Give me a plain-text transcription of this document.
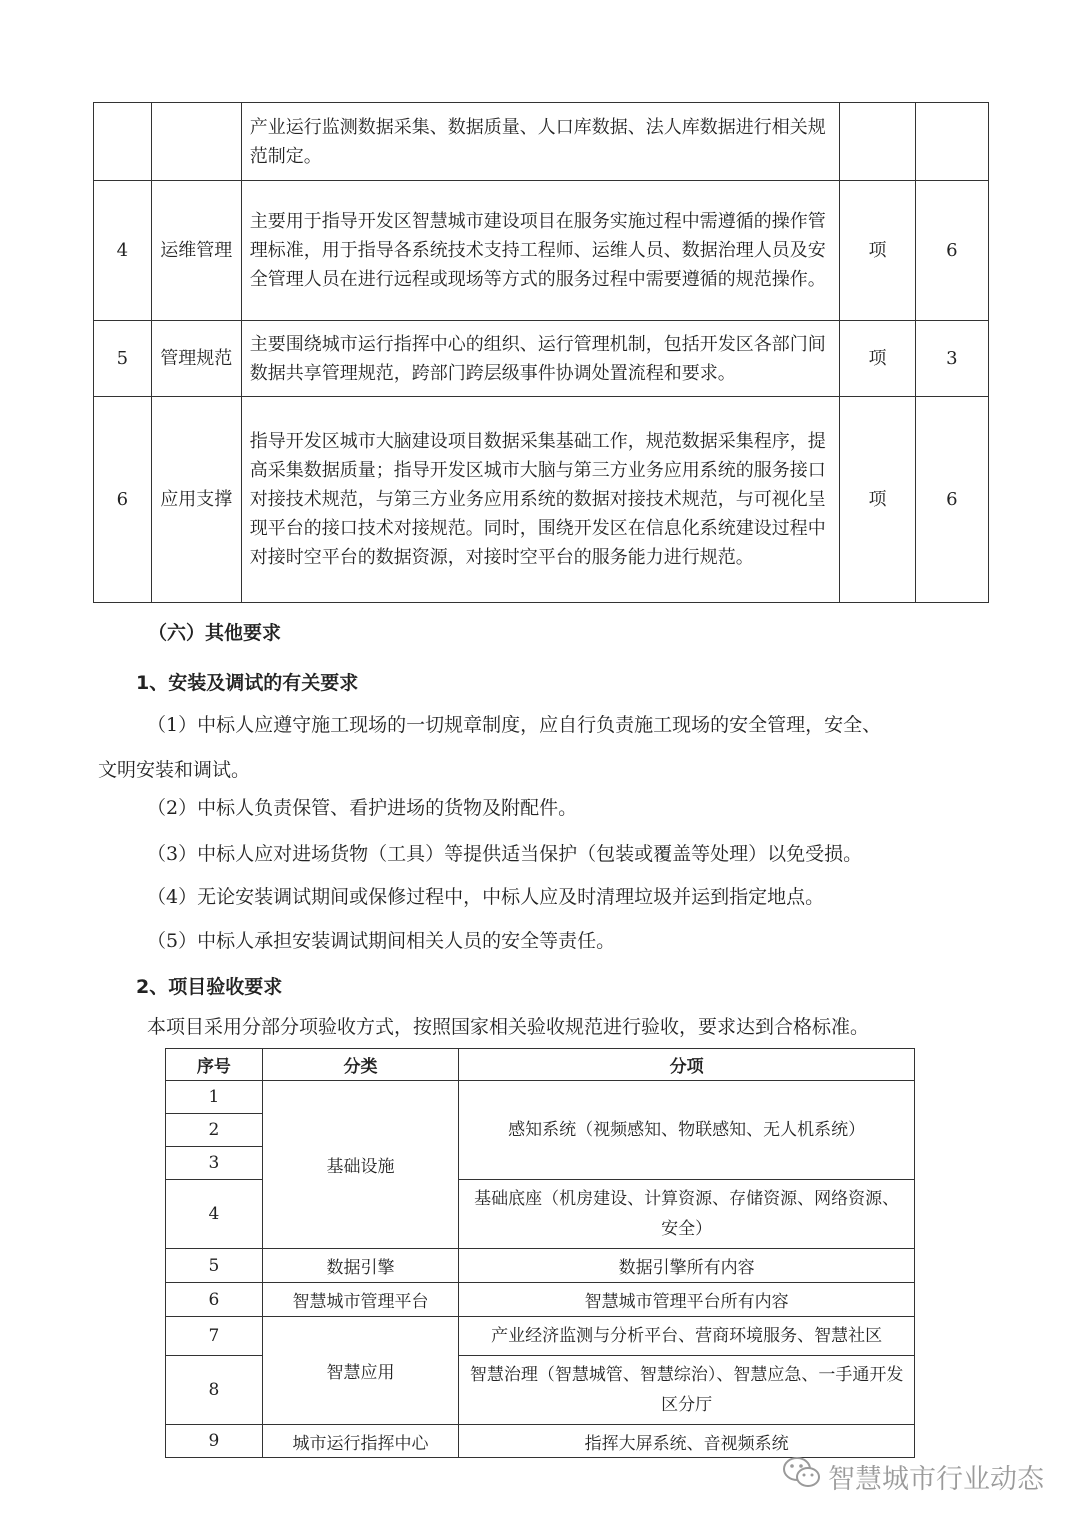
		产业运行监测数据采集、数据质量、人口库数据、法人库数据进行相关规范制定。		
4	运维管理	主要用于指导开发区智慧城市建设项目在服务实施过程中需遵循的操作管理标准，用于指导各系统技术支持工程师、运维人员、数据治理人员及安全管理人员在进行远程或现场等方式的服务过程中需要遵循的规范操作。	项	6
5	管理规范	主要围绕城市运行指挥中心的组织、运行管理机制，包括开发区各部门间数据共享管理规范，跨部门跨层级事件协调处置流程和要求。	项	3
6	应用支撑	指导开发区城市大脑建设项目数据采集基础工作，规范数据采集程序，提高采集数据质量；指导开发区城市大脑与第三方业务应用系统的服务接口对接技术规范，与第三方业务应用系统的数据对接技术规范，与可视化呈现平台的接口技术对接规范。同时，围绕开发区在信息化系统建设过程中对接时空平台的数据资源，对接时空平台的服务能力进行规范。	项	6
（六）其他要求
1、安装及调试的有关要求
（1）中标人应遵守施工现场的一切规章制度，应自行负责施工现场的安全管理，安全、
文明安装和调试。
（2）中标人负责保管、看护进场的货物及附配件。
（3）中标人应对进场货物（工具）等提供适当保护（包装或覆盖等处理）以免受损。
（4）无论安装调试期间或保修过程中，中标人应及时清理垃圾并运到指定地点。
（5）中标人承担安装调试期间相关人员的安全等责任。
2、项目验收要求
本项目采用分部分项验收方式，按照国家相关验收规范进行验收，要求达到合格标准。
序号	分类	分项
1	基础设施	感知系统（视频感知、物联感知、无人机系统）
2		
3		
4		基础底座（机房建设、计算资源、存储资源、网络资源、安全）
5	数据引擎	数据引擎所有内容
6	智慧城市管理平台	智慧城市管理平台所有内容
7	智慧应用	产业经济监测与分析平台、营商环境服务、智慧社区
8		智慧治理（智慧城管、智慧综治）、智慧应急、一手通开发区分厅
9	城市运行指挥中心	指挥大屏系统、音视频系统
智慧城市行业动态
